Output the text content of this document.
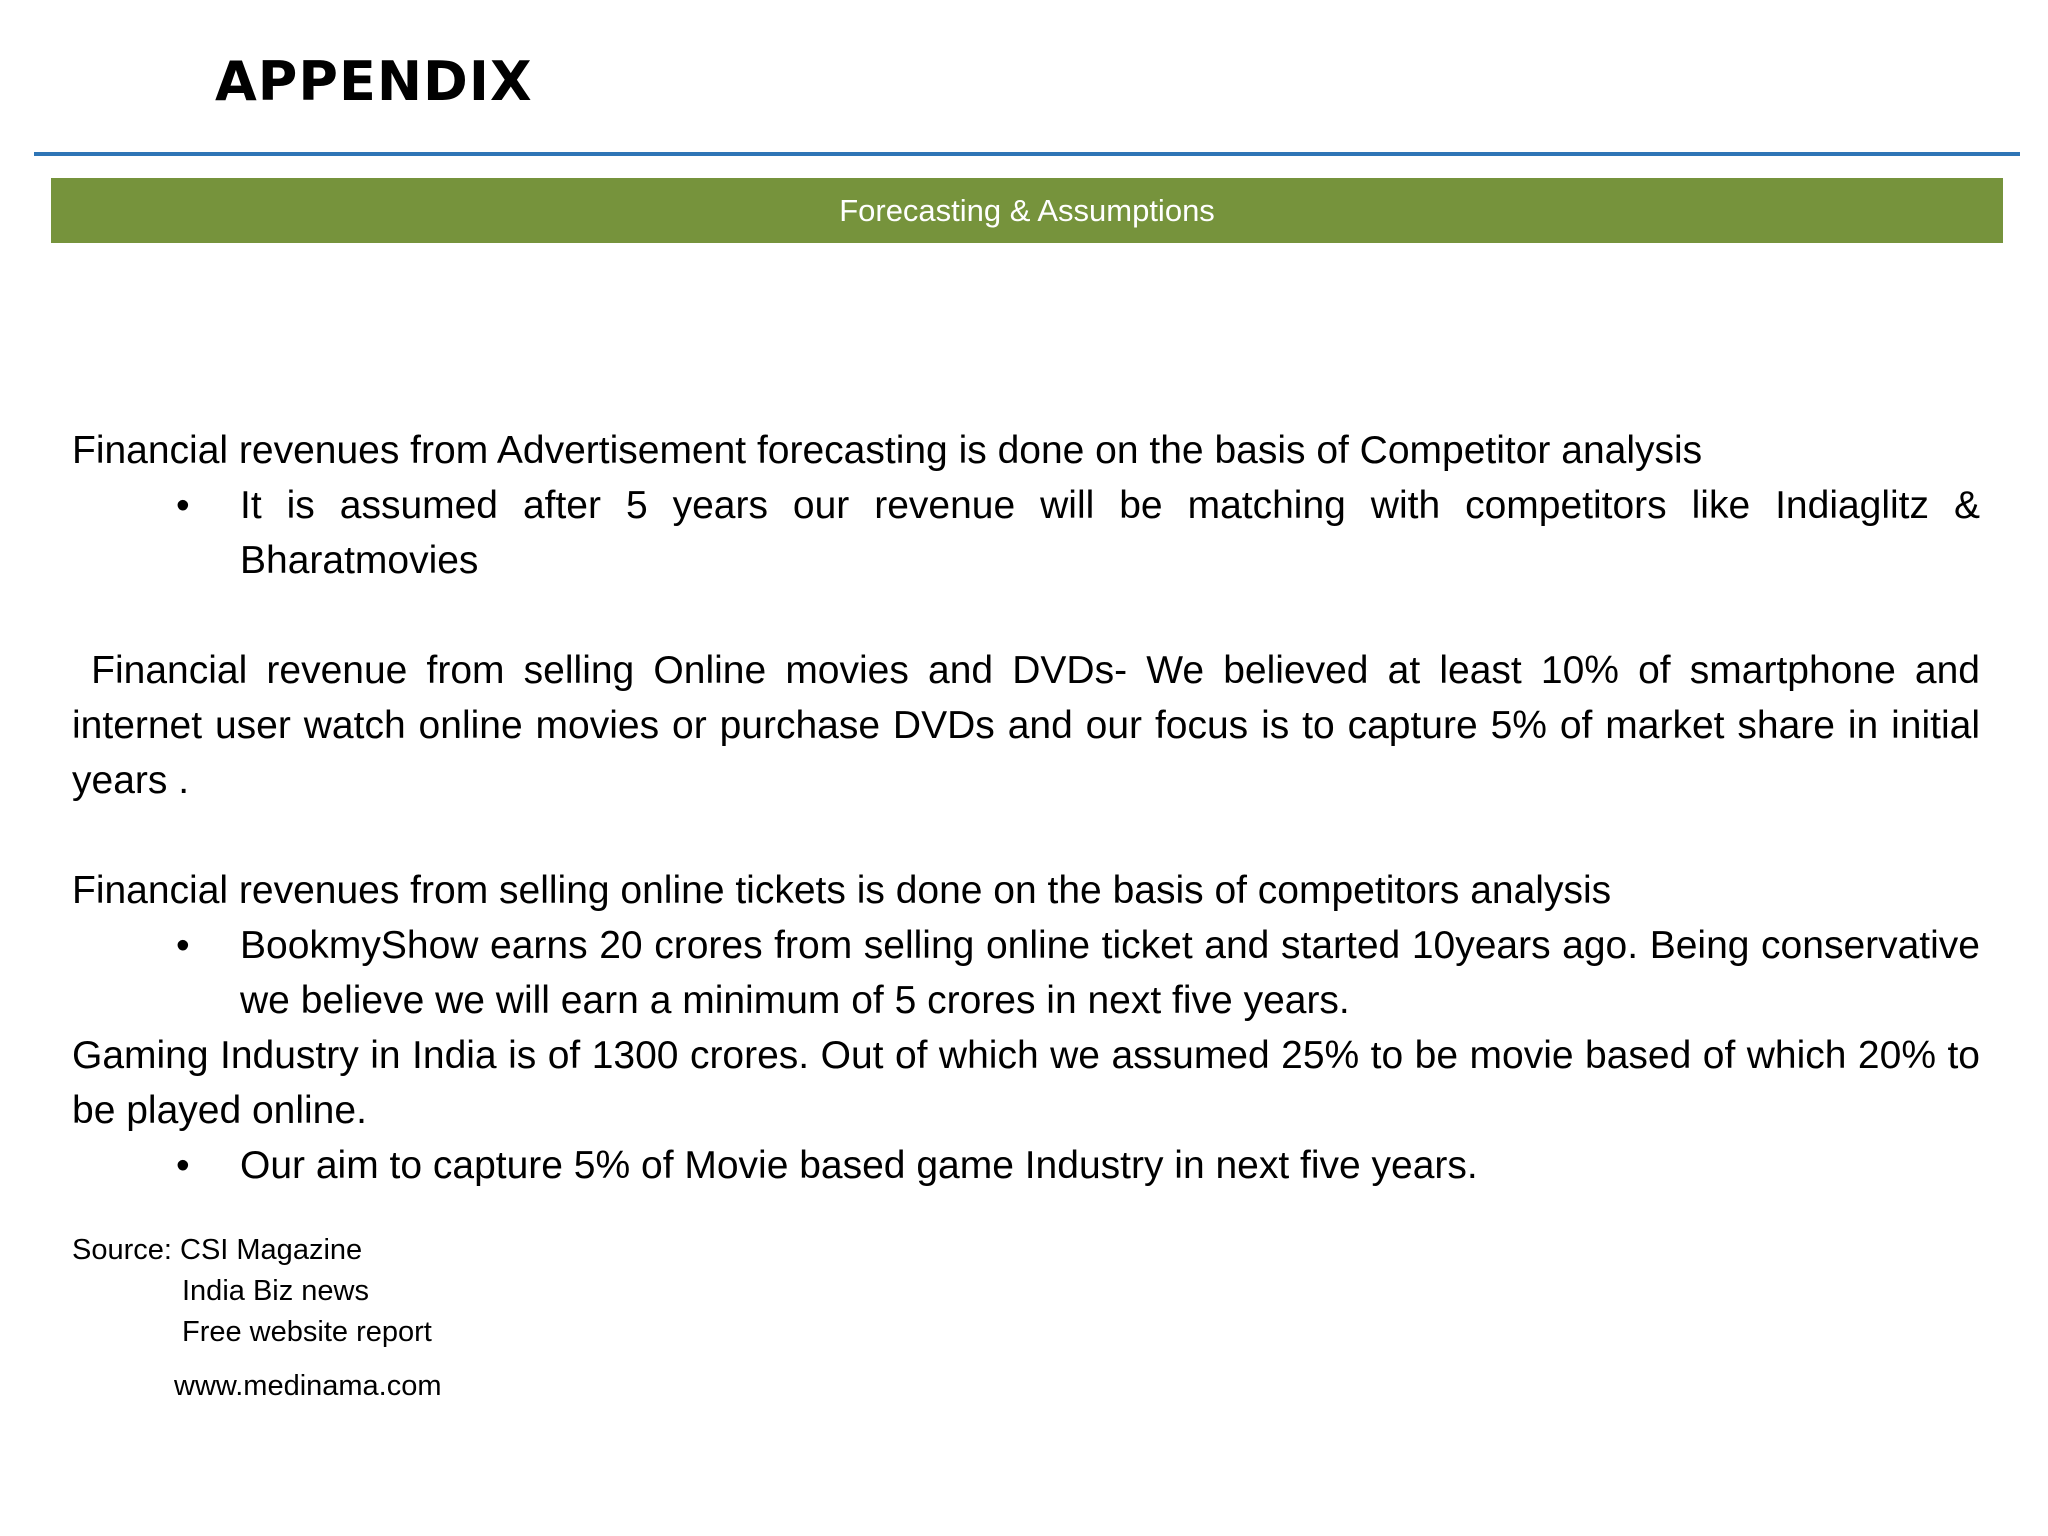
APPENDIX
Forecasting & Assumptions

Financial revenues from Advertisement forecasting is done on the basis of Competitor analysis

• It is assumed after 5 years our revenue will be matching with competitors like Indiaglitz & Bharatmovies

Financial revenue from selling Online movies and DVDs- We believed at least 10% of smartphone and internet user watch online movies or purchase DVDs and our focus is to capture 5% of market share in initial years .

Financial revenues from selling online tickets is done on the basis of competitors analysis

• BookmyShow earns 20 crores from selling online ticket and started 10years ago. Being conservative we believe we will earn a minimum of 5 crores in next five years.

Gaming Industry in India is of 1300 crores. Out of which we assumed 25% to be movie based of which 20% to be played online.

• Our aim to capture 5% of Movie based game Industry in next five years.
Source: CSI Magazine
India Biz news
Free website report
www.medinama.com
